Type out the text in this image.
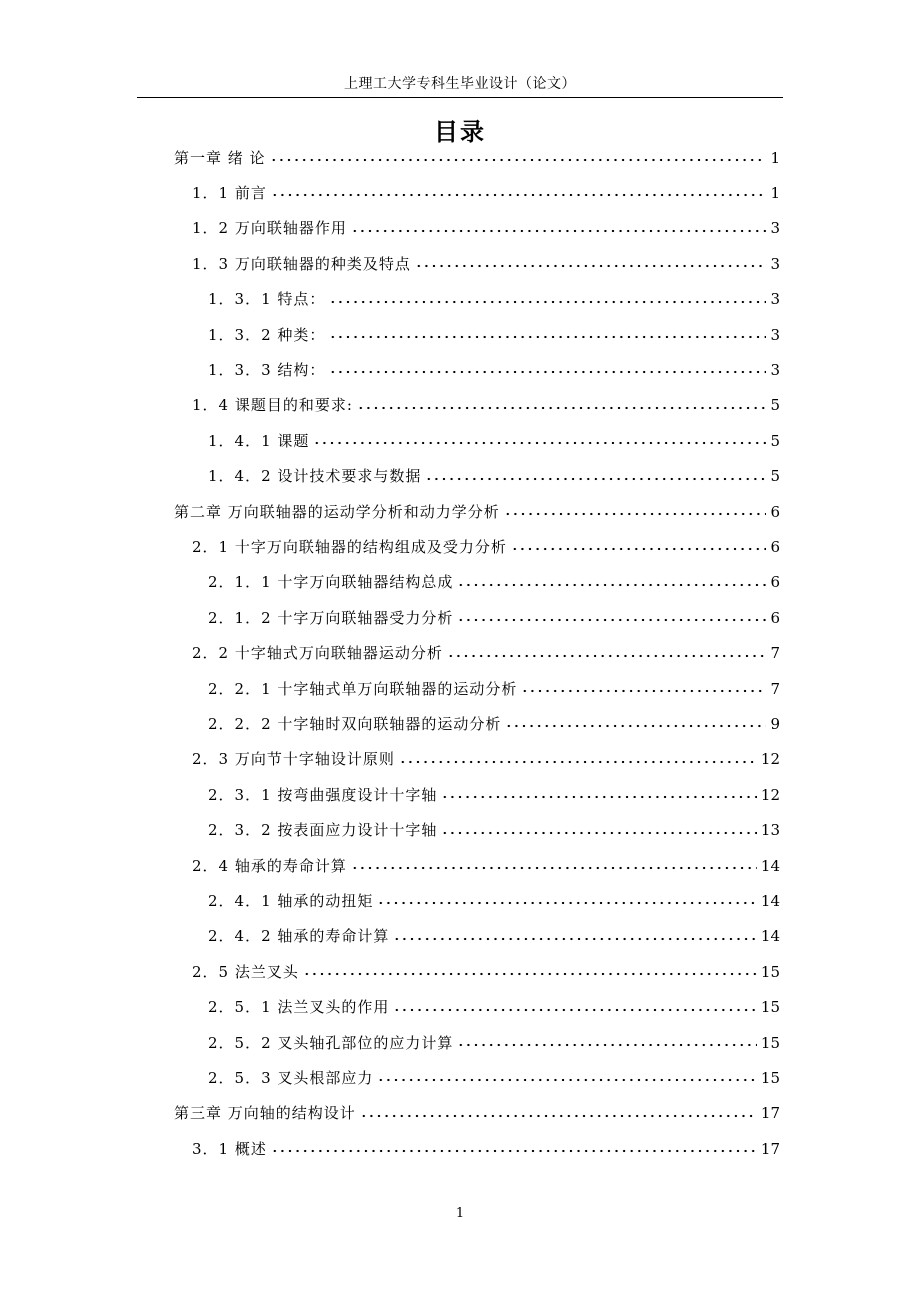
上理工大学专科生毕业设计（论文）
目录
第一章 绪 论	1
1．1 前言	1
1．2 万向联轴器作用	3
1．3 万向联轴器的种类及特点	3
1．3．1 特点：	3
1．3．2 种类：	3
1．3．3 结构：	3
1．4 课题目的和要求:	5
1．4．1 课题	5
1．4．2 设计技术要求与数据	5
第二章 万向联轴器的运动学分析和动力学分析	6
2．1 十字万向联轴器的结构组成及受力分析	6
2．1．1 十字万向联轴器结构总成	6
2．1．2 十字万向联轴器受力分析	6
2．2 十字轴式万向联轴器运动分析	7
2．2．1 十字轴式单万向联轴器的运动分析	7
2．2．2 十字轴时双向联轴器的运动分析	9
2．3 万向节十字轴设计原则	12
2．3．1 按弯曲强度设计十字轴	12
2．3．2 按表面应力设计十字轴	13
2．4 轴承的寿命计算	14
2．4．1 轴承的动扭矩	14
2．4．2 轴承的寿命计算	14
2．5 法兰叉头	15
2．5．1 法兰叉头的作用	15
2．5．2 叉头轴孔部位的应力计算	15
2．5．3 叉头根部应力	15
第三章 万向轴的结构设计	17
3．1 概述	17
1
